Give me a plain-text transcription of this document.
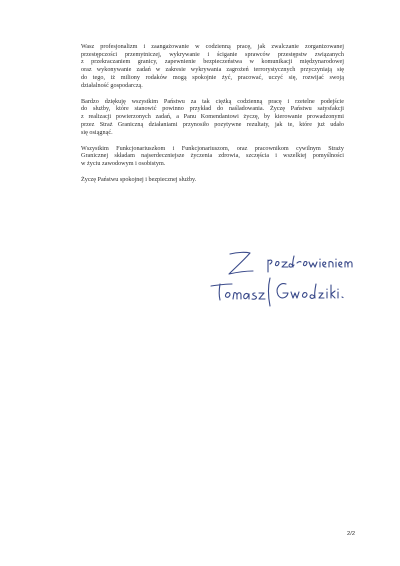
Wasz profesjonalizm i zaangażowanie w codzienną pracę, jak zwalczanie zorganizowanej
przestępczości przemytniczej, wykrywanie i ściganie sprawców przestępstw związanych
z przekraczaniem granicy, zapewnienie bezpieczeństwa w komunikacji międzynarodowej
oraz wykonywanie zadań w zakresie wykrywania zagrożeń terrorystycznych przyczyniają się
do tego, iż miliony rodaków mogą spokojnie żyć, pracować, uczyć się, rozwijać swoją
działalność gospodarczą.

Bardzo dziękuję wszystkim Państwu za tak ciężką codzienną pracę i rzetelne podejście
do służby, które stanowić powinno przykład do naśladowania. Życzę Państwu satysfakcji
z realizacji powierzonych zadań, a Panu Komendantowi życzę, by kierowanie prowadzonymi
przez Straż Graniczną działaniami przynosiło pozytywne rezultaty, jak te, które już udało
się osiągnąć.

Wszystkim Funkcjonariuszkom i Funkcjonariuszom, oraz pracownikom cywilnym Straży
Granicznej składam najserdeczniejsze życzenia zdrowia, szczęścia i wszelkiej pomyślności
w życiu zawodowym i osobistym.

Życzę Państwu spokojnej i bezpiecznej służby.

2/2
